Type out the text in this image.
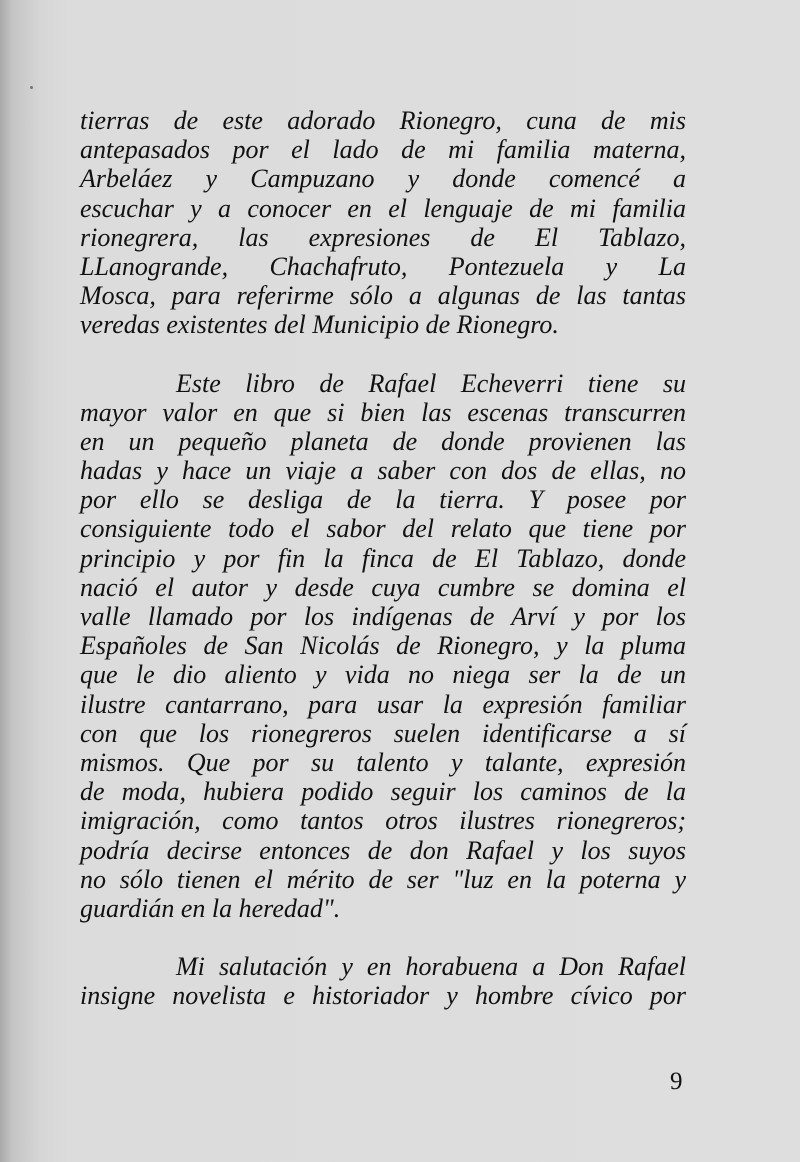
tierras de este adorado Rionegro, cuna de mis
antepasados por el lado de mi familia materna,
Arbeláez y Campuzano y donde comencé a
escuchar y a conocer en el lenguaje de mi familia
rionegrera, las expresiones de El Tablazo,
LLanogrande, Chachafruto, Pontezuela y La
Mosca, para referirme sólo a algunas de las tantas
veredas existentes del Municipio de Rionegro.
Este libro de Rafael Echeverri tiene su
mayor valor en que si bien las escenas transcurren
en un pequeño planeta de donde provienen las
hadas y hace un viaje a saber con dos de ellas, no
por ello se desliga de la tierra. Y posee por
consiguiente todo el sabor del relato que tiene por
principio y por fin la finca de El Tablazo, donde
nació el autor y desde cuya cumbre se domina el
valle llamado por los indígenas de Arví y por los
Españoles de San Nicolás de Rionegro, y la pluma
que le dio aliento y vida no niega ser la de un
ilustre cantarrano, para usar la expresión familiar
con que los rionegreros suelen identificarse a sí
mismos. Que por su talento y talante, expresión
de moda, hubiera podido seguir los caminos de la
imigración, como tantos otros ilustres rionegreros;
podría decirse entonces de don Rafael y los suyos
no sólo tienen el mérito de ser "luz en la poterna y
guardián en la heredad".
Mi salutación y en horabuena a Don Rafael
insigne novelista e historiador y hombre cívico por
9
